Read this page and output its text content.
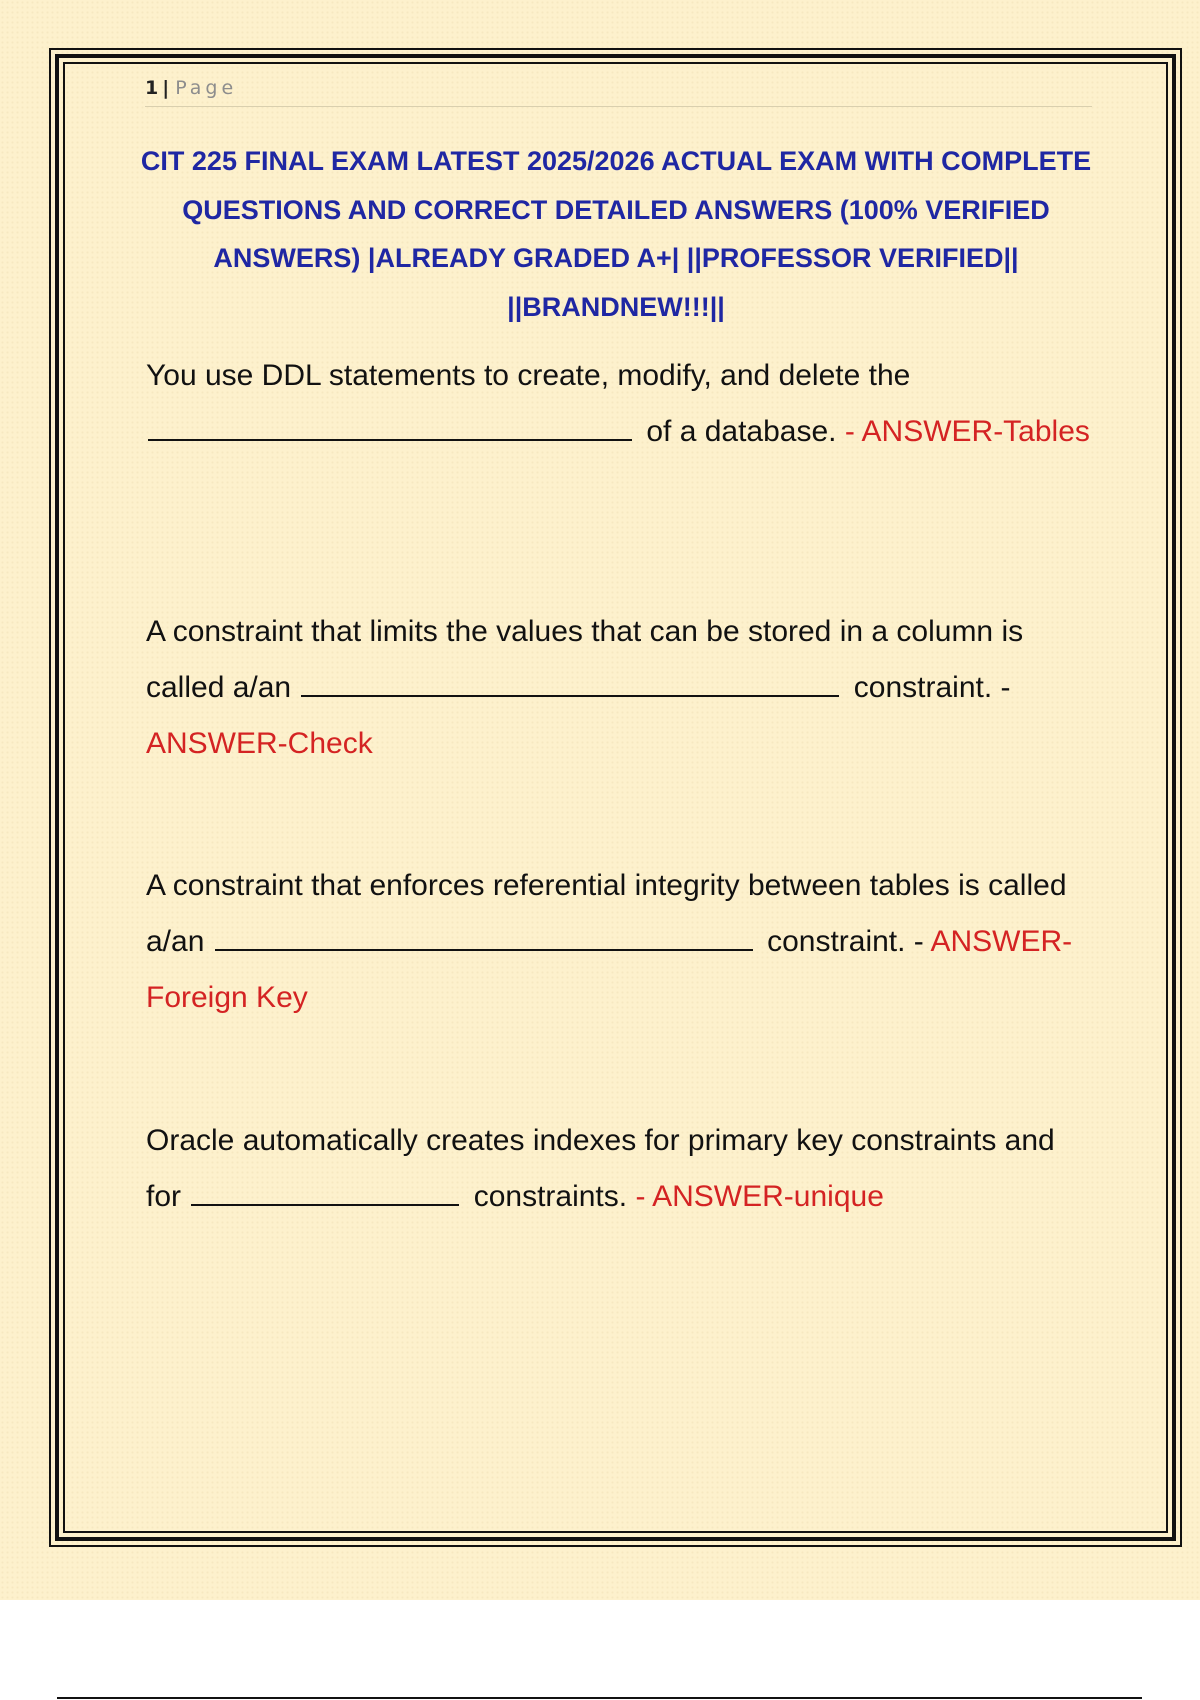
1 | Page

CIT 225 FINAL EXAM LATEST 2025/2026 ACTUAL EXAM WITH COMPLETE QUESTIONS AND CORRECT DETAILED ANSWERS (100% VERIFIED ANSWERS) |ALREADY GRADED A+| ||PROFESSOR VERIFIED|| ||BRANDNEW!!!||

You use DDL statements to create, modify, and delete the  of a database. - ANSWER-Tables

A constraint that limits the values that can be stored in a column is called a/an	constraint. - ANSWER-Check

A constraint that enforces referential integrity between tables is called a/an	constraint. - ANSWER-Foreign Key

Oracle automatically creates indexes for primary key constraints and for	constraints. - ANSWER-unique
